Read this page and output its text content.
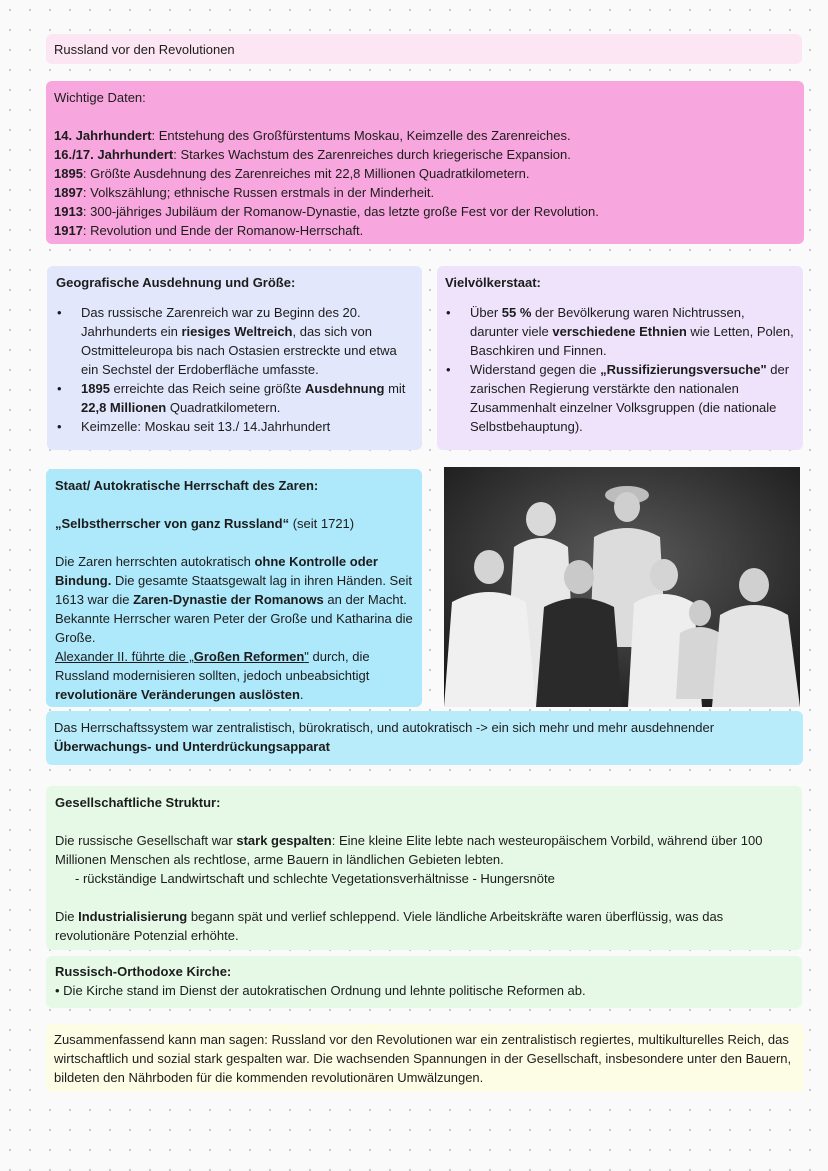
Russland vor den Revolutionen

Wichtige Daten:

14. Jahrhundert: Entstehung des Großfürstentums Moskau, Keimzelle des Zarenreiches.

16./17. Jahrhundert: Starkes Wachstum des Zarenreiches durch kriegerische Expansion.

1895: Größte Ausdehnung des Zarenreiches mit 22,8 Millionen Quadratkilometern.

1897: Volkszählung; ethnische Russen erstmals in der Minderheit.

1913: 300-jähriges Jubiläum der Romanow-Dynastie, das letzte große Fest vor der Revolution.

1917: Revolution und Ende der Romanow-Herrschaft.

Geografische Ausdehnung und Größe:

• Das russische Zarenreich war zu Beginn des 20. Jahrhunderts ein riesiges Weltreich, das sich von Ostmitteleuropa bis nach Ostasien erstreckte und etwa ein Sechstel der Erdoberfläche umfasste.
• 1895 erreichte das Reich seine größte Ausdehnung mit 22,8 Millionen Quadratkilometern.
• Keimzelle: Moskau seit 13./ 14.Jahrhundert

Vielvölkerstaat:

• Über 55 % der Bevölkerung waren Nichtrussen, darunter viele verschiedene Ethnien wie Letten, Polen, Baschkiren und Finnen.
• Widerstand gegen die „Russifizierungsversuche" der zarischen Regierung verstärkte den nationalen Zusammenhalt einzelner Volksgruppen (die nationale Selbstbehauptung).

Staat/ Autokratische Herrschaft des Zaren:

„Selbstherrscher von ganz Russland“ (seit 1721)

Die Zaren herrschten autokratisch ohne Kontrolle oder Bindung. Die gesamte Staatsgewalt lag in ihren Händen. Seit 1613 war die Zaren-Dynastie der Romanows an der Macht. Bekannte Herrscher waren Peter der Große und Katharina die Große.

Alexander II. führte die „Großen Reformen" durch, die Russland modernisieren sollten, jedoch unbeabsichtigt revolutionäre Veränderungen auslösten.

Das Herrschaftssystem war zentralistisch, bürokratisch, und autokratisch -> ein sich mehr und mehr ausdehnender Überwachungs- und Unterdrückungsapparat

Gesellschaftliche Struktur:

Die russische Gesellschaft war stark gespalten: Eine kleine Elite lebte nach westeuropäischem Vorbild, während über 100 Millionen Menschen als rechtlose, arme Bauern in ländlichen Gebieten lebten.

- rückständige Landwirtschaft und schlechte Vegetationsverhältnisse - Hungersnöte

Die Industrialisierung begann spät und verlief schleppend. Viele ländliche Arbeitskräfte waren überflüssig, was das revolutionäre Potenzial erhöhte.

Russisch-Orthodoxe Kirche:

• Die Kirche stand im Dienst der autokratischen Ordnung und lehnte politische Reformen ab.

Zusammenfassend kann man sagen: Russland vor den Revolutionen war ein zentralistisch regiertes, multikulturelles Reich, das wirtschaftlich und sozial stark gespalten war. Die wachsenden Spannungen in der Gesellschaft, insbesondere unter den Bauern, bildeten den Nährboden für die kommenden revolutionären Umwälzungen.
